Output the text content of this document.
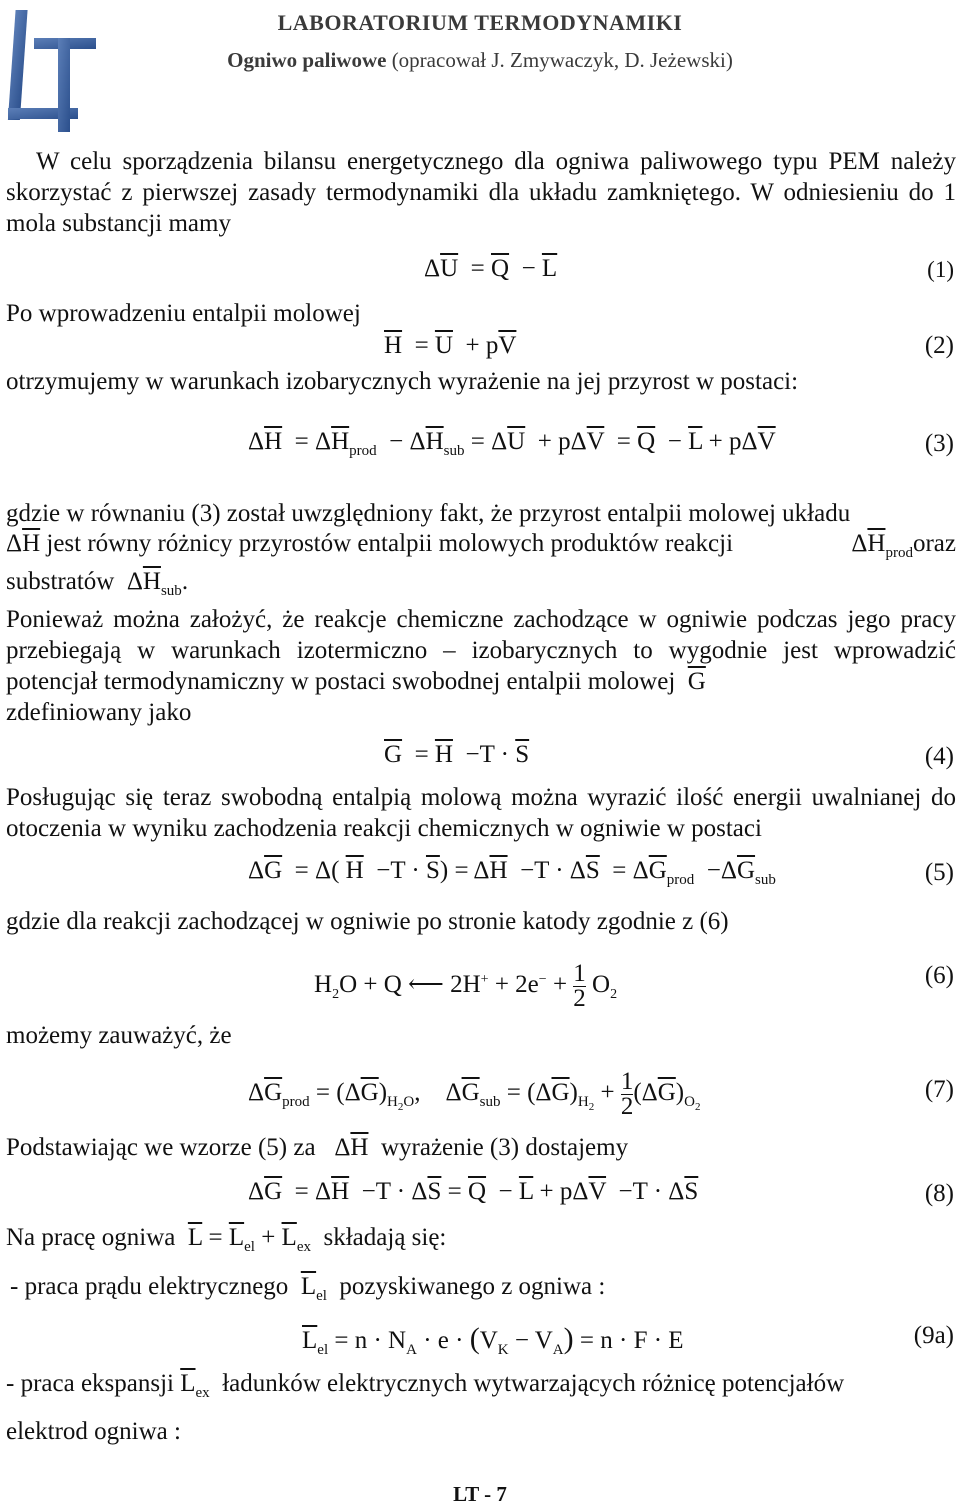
LT
LABORATORIUM TERMODYNAMIKI
Ogniwo paliwowe (opracował J. Zmywaczyk, D. Jeżewski)
W celu sporządzenia bilansu energetycznego dla ogniwa paliwowego typu PEM należy skorzystać z pierwszej zasady termodynamiki dla układu zamkniętego. W odniesieniu do 1 mola substancji mamy
$\Delta\overline{U} = \overline{Q} - \overline{L}$	(1)
Po wprowadzeniu entalpii molowej
$\overline{H} = \overline{U} + p\overline{V}$	(2)
otrzymujemy w warunkach izobarycznych wyrażenie na jej przyrost w postaci:
$\Delta\overline{H} = \Delta\overline{H}_{prod} - \Delta\overline{H}_{sub} = \Delta\overline{U} + p\Delta\overline{V} = \overline{Q} - \overline{L} + p\Delta\overline{V}$	(3)
gdzie w równaniu (3) został uwzględniony fakt, że przyrost entalpii molowej układu
$\Delta\overline{H}$ jest równy różnicy przyrostów entalpii molowych produktów reakcji	$\Delta\overline{H}_{prod}oraz$
substratów  $\Delta\overline{H}_{sub}$.
Ponieważ można założyć, że reakcje chemiczne zachodzące w ogniwie podczas jego pracy przebiegają w warunkach izotermiczno – izobarycznych to wygodnie jest wprowadzić potencjał termodynamiczny w postaci swobodnej entalpii molowej $\overline{G}$
zdefiniowany jako
$\overline{G} = \overline{H} -T \cdot \overline{S}$	(4)
Posługując się teraz swobodną entalpią molową można wyrazić ilość energii uwalnianej do otoczenia w wyniku zachodzenia reakcji chemicznych w ogniwie w postaci
$\Delta\overline{G} = \Delta$( $\overline{H} -T \cdot \overline{S}) = \Delta\overline{H} -T \cdot \Delta\overline{S} = \Delta\overline{G}_{prod} -\Delta\overline{G}_{sub}$	(5)
gdzie dla reakcji zachodzącej w ogniwie po stronie katody zgodnie z (6)
$H_2O + Q$ ⟵ $2H^+ + 2e^- + \frac{1}{2} O_2$
(6)
możemy zauważyć, że
$\Delta\overline{G}_{prod} = (\Delta\overline{G})_{H_2O}$,    $\Delta\overline{G}_{sub} = (\Delta\overline{G})_{H_2} + \frac{1}{2} (\Delta\overline{G})_{O_2}$
(7)
Podstawiając we wzorze (5) za   $\Delta\overline{H}$ wyrażenie (3) dostajemy
$\Delta\overline{G} = \Delta\overline{H} -T \cdot \Delta\overline{S} = \overline{Q} - \overline{L} + p\Delta\overline{V} -T \cdot \Delta\overline{S}$	(8)
Na pracę ogniwa $\overline{L} = \overline{L}_{el} + \overline{L}_{ex}$ składają się:
- praca prądu elektrycznego $\overline{L}_{el}$ pozyskiwanego z ogniwa :
$\overline{L}_{el} = n \cdot N_A \cdot e \cdot (V_K - V_A) = n \cdot F \cdot E$	(9a)
- praca ekspansji $\overline{L}_{ex}$ ładunków elektrycznych wytwarzających różnicę potencjałów
elektrod ogniwa :
LT - 7
